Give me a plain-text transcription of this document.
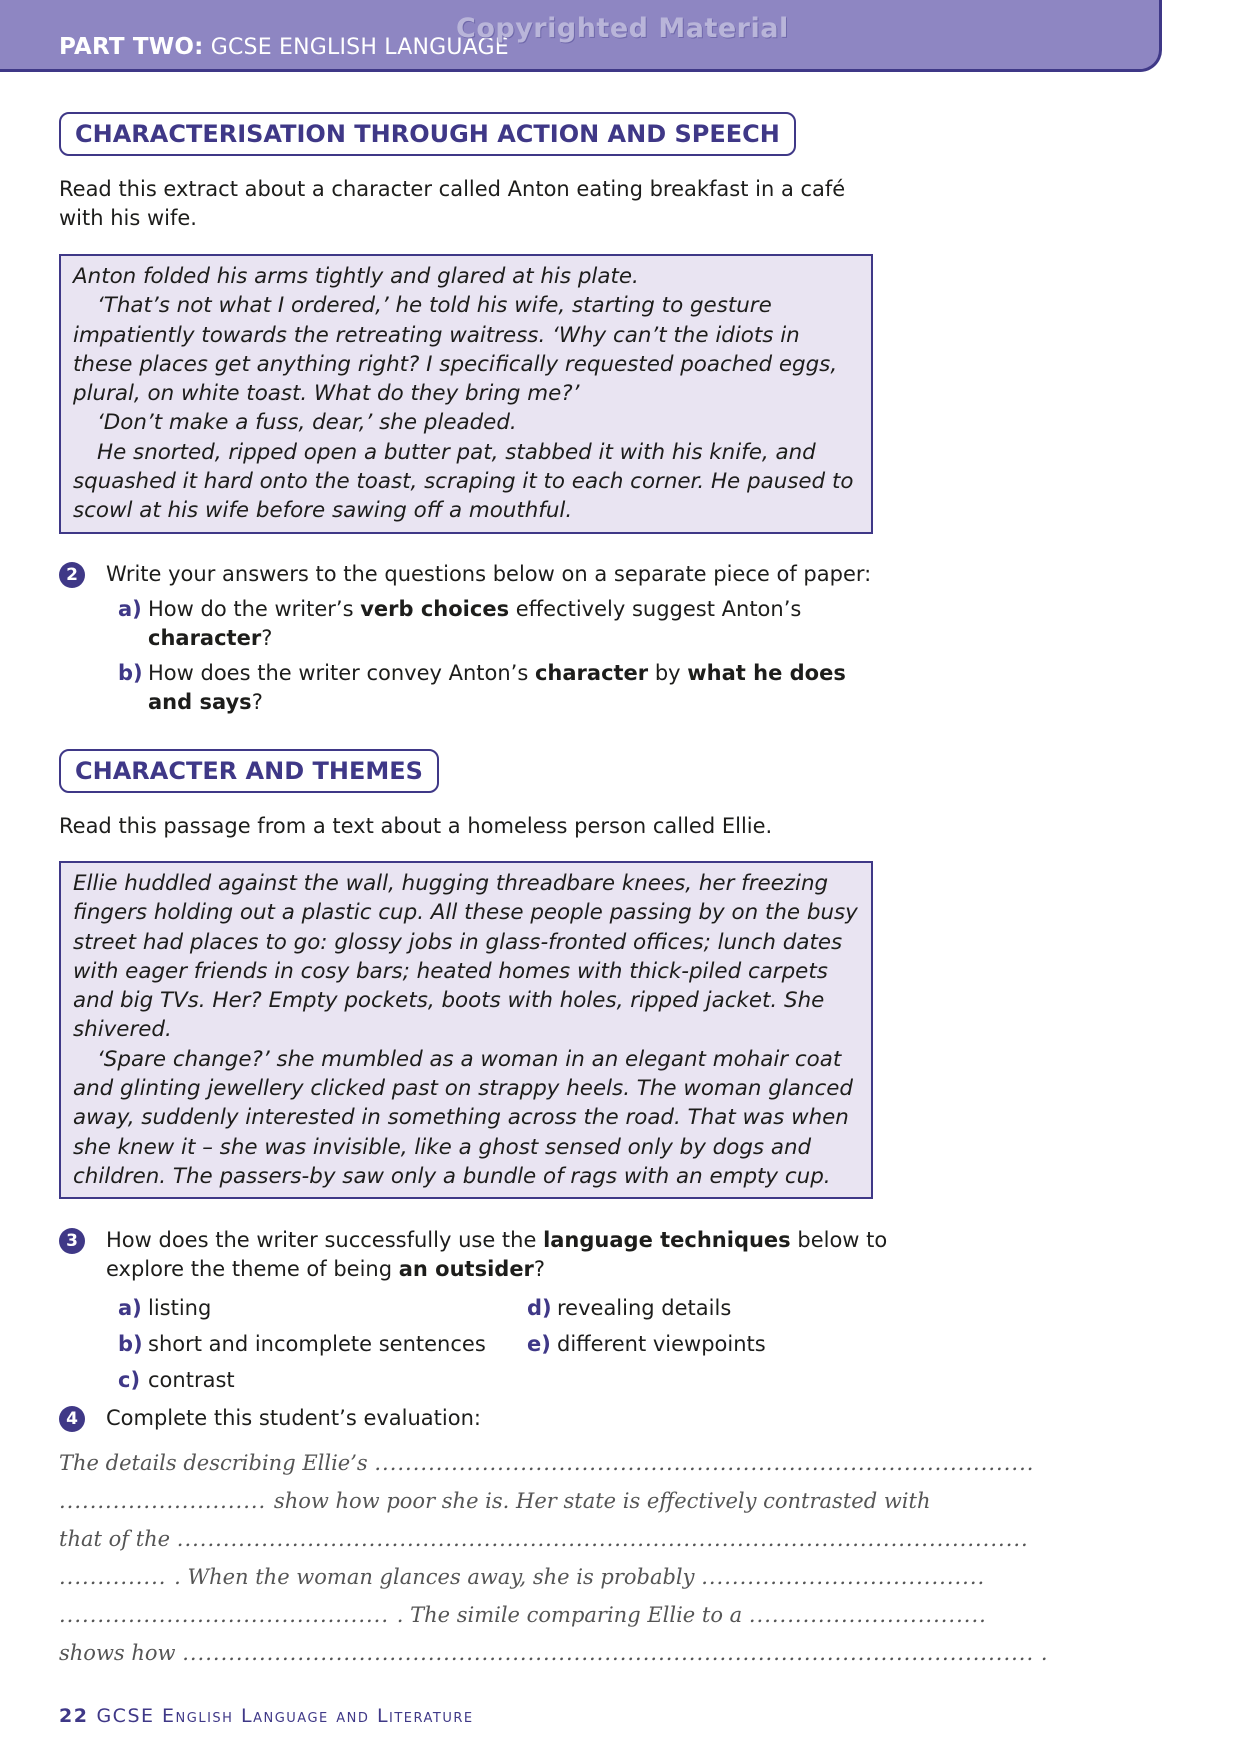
PART TWO: GCSE ENGLISH LANGUAGE
Copyrighted Material
CHARACTERISATION THROUGH ACTION AND SPEECH
Read this extract about a character called Anton eating breakfast in a café
with his wife.

Anton folded his arms tightly and glared at his plate.

‘That’s not what I ordered,’ he told his wife, starting to gesture

impatiently towards the retreating waitress. ‘Why can’t the idiots in

these places get anything right? I specifically requested poached eggs,

plural, on white toast. What do they bring me?’

‘Don’t make a fuss, dear,’ she pleaded.

He snorted, ripped open a butter pat, stabbed it with his knife, and

squashed it hard onto the toast, scraping it to each corner. He paused to

scowl at his wife before sawing off a mouthful.

2	Write your answers to the questions below on a separate piece of paper:
a) How do the writer’s verb choices effectively suggest Anton’s
character?
b) How does the writer convey Anton’s character by what he does
and says?
CHARACTER AND THEMES
Read this passage from a text about a homeless person called Ellie.

Ellie huddled against the wall, hugging threadbare knees, her freezing

fingers holding out a plastic cup. All these people passing by on the busy

street had places to go: glossy jobs in glass-fronted offices; lunch dates

with eager friends in cosy bars; heated homes with thick-piled carpets

and big TVs. Her? Empty pockets, boots with holes, ripped jacket. She

shivered.

‘Spare change?’ she mumbled as a woman in an elegant mohair coat

and glinting jewellery clicked past on strappy heels. The woman glanced

away, suddenly interested in something across the road. That was when

she knew it – she was invisible, like a ghost sensed only by dogs and

children. The passers-by saw only a bundle of rags with an empty cup.

3	How does the writer successfully use the language techniques below to
explore the theme of being an outsider?
a) listing
b) short and incomplete sentences
c) contrast
d) revealing details
e) different viewpoints
4	Complete this student’s evaluation:
The details describing Ellie’s ......................................................................................
........................... show how poor she is. Her state is effectively contrasted with
that of the ...............................................................................................................
.............. . When the woman glances away, she is probably .....................................
........................................... . The simile comparing Ellie to a ...............................
shows how ............................................................................................................... .
22 GCSE English Language and Literature
